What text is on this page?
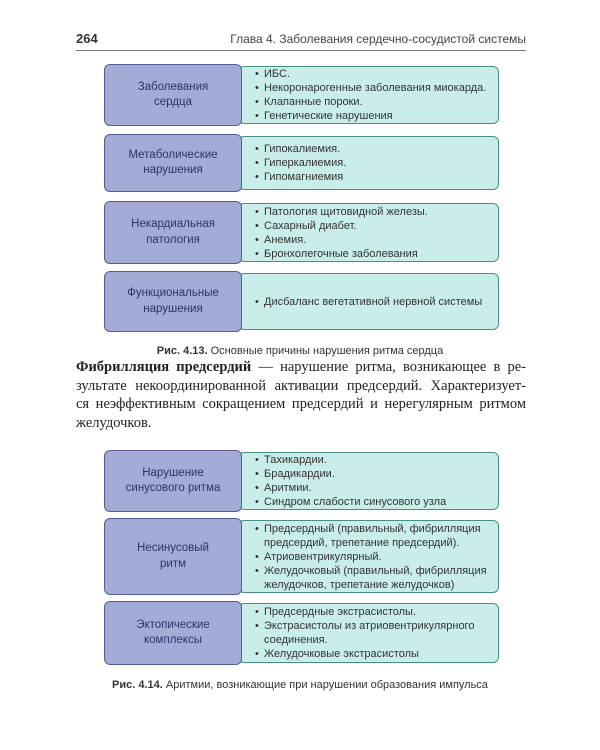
264	Глава 4. Заболевания сердечно-сосудистой системы
Заболевания
сердца
• ИБС.
• Некоронарогенные заболевания миокарда.
• Клапанные пороки.
• Генетические нарушения
Метаболические
нарушения
• Гипокалиемия.
• Гиперкалиемия.
• Гипомагниемия
Некардиальная
патология
• Патология щитовидной железы.
• Сахарный диабет.
• Анемия.
• Бронхолегочные заболевания
Функциональные
нарушения
• Дисбаланс вегетативной нервной системы
Рис. 4.13. Основные причины нарушения ритма сердца
Фибрилляция предсердий — нарушение ритма, возникающее в ре-
зультате некоординированной активации предсердий. Характеризует-
ся неэффективным сокращением предсердий и нерегулярным ритмом
желудочков.
Нарушение
синусового ритма
• Тахикардии.
• Брадикардии.
• Аритмии.
• Синдром слабости синусового узла
Несинусовый
ритм
• Предсердный (правильный, фибрилляция предсердий, трепетание предсердий).
• Атриовентрикулярный.
• Желудочковый (правильный, фибрилляция желудочков, трепетание желудочков)
Эктопические
комплексы
• Предсердные экстрасистолы.
• Экстрасистолы из атриовентрикулярного соединения.
• Желудочковые экстрасистолы
Рис. 4.14. Аритмии, возникающие при нарушении образования импульса
